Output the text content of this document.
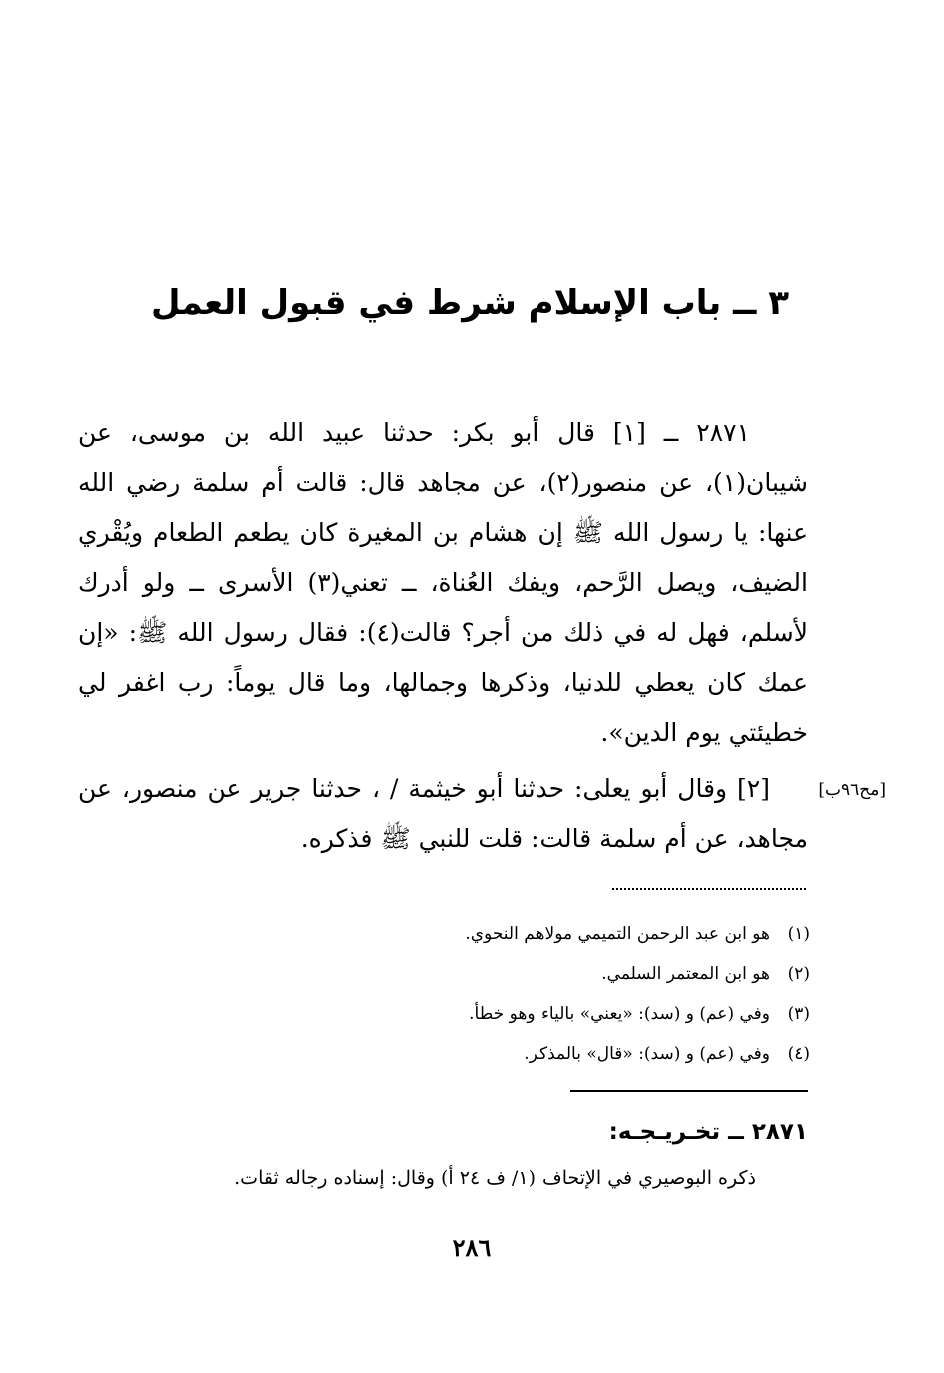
٣ ــ باب الإسلام شرط في قبول العمل

٢٨٧١ ــ [١] قال أبو بكر: حدثنا عبيد الله بن موسى، عن شيبان(١)، عن منصور(٢)، عن مجاهد قال: قالت أم سلمة رضي الله عنها: يا رسول الله ﷺ إن هشام بن المغيرة كان يطعم الطعام ويُقْري الضيف، ويصل الرَّحم، ويفك العُناة، ــ تعني(٣) الأسرى ــ ولو أدرك لأسلم، فهل له في ذلك من أجر؟ قالت(٤): فقال رسول الله ﷺ: «إن عمك كان يعطي للدنيا، وذكرها وجمالها، وما قال يوماً: رب اغفر لي خطيئتي يوم الدين».

[مح٩٦ب]

[٢] وقال أبو يعلى: حدثنا أبو خيثمة / ، حدثنا جرير عن منصور، عن مجاهد، عن أم سلمة قالت: قلت للنبي ﷺ فذكره.

(١)هو ابن عبد الرحمن التميمي مولاهم النحوي.
(٢)هو ابن المعتمر السلمي.
(٣)وفي (عم) و (سد): «يعني» بالياء وهو خطأ.
(٤)وفي (عم) و (سد): «قال» بالمذكر.
٢٨٧١ ــ تخـريـجـه:
ذكره البوصيري في الإتحاف (١/ ف ٢٤ أ) وقال: إسناده رجاله ثقات.
٢٨٦
